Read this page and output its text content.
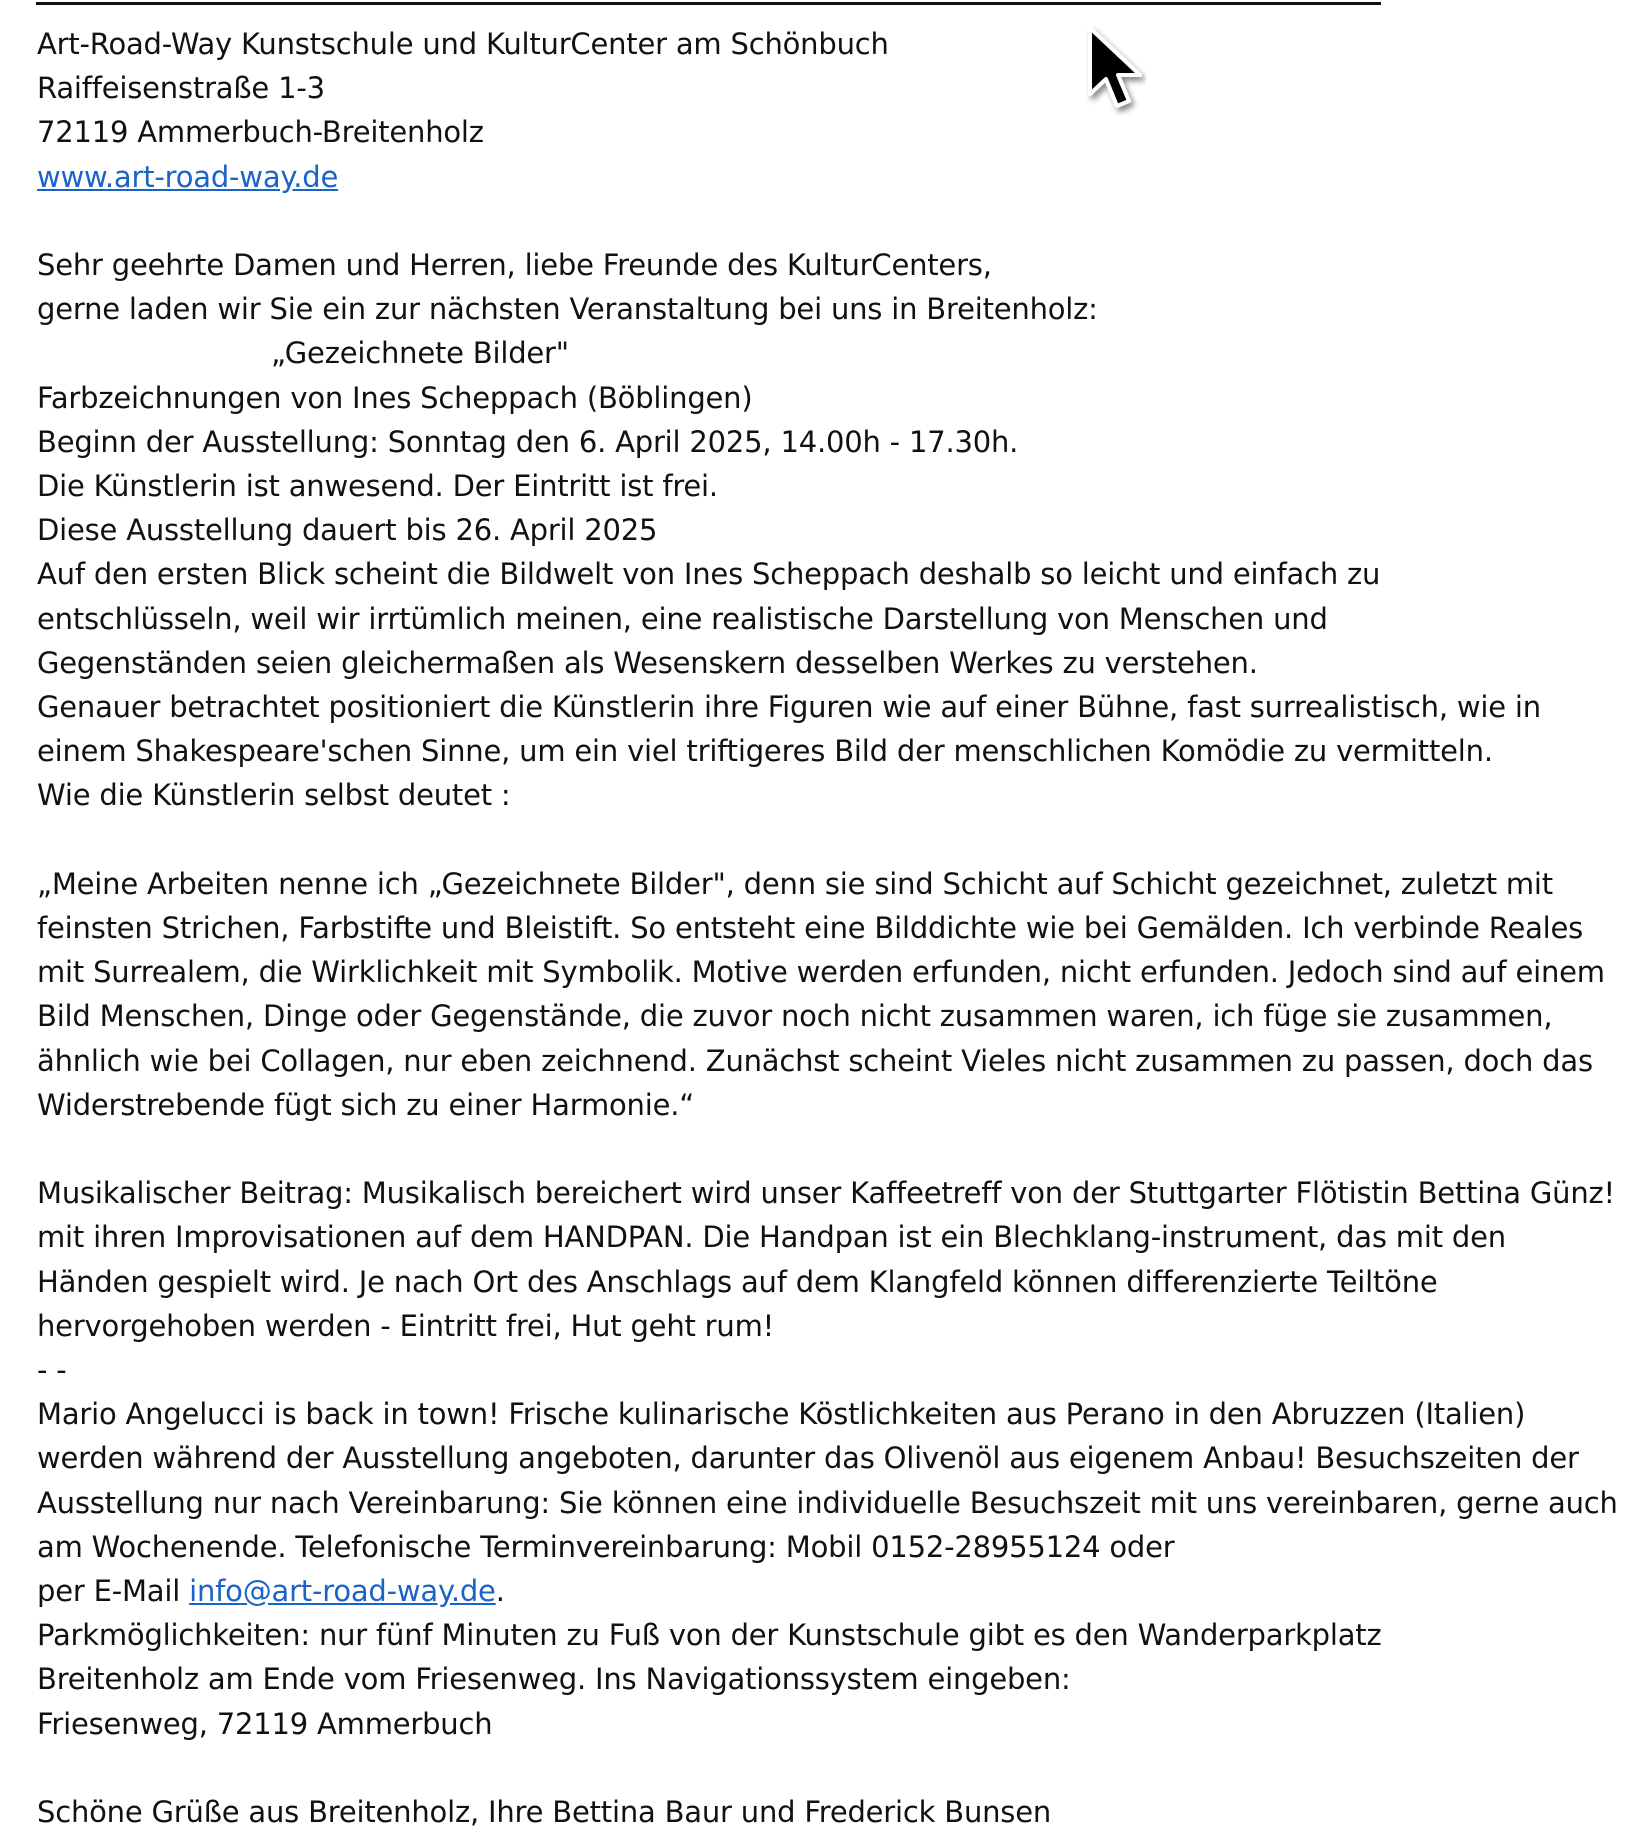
Art-Road-Way Kunstschule und KulturCenter am Schönbuch
Raiffeisenstraße 1-3
72119 Ammerbuch-Breitenholz
www.art-road-way.de
Sehr geehrte Damen und Herren, liebe Freunde des KulturCenters,
gerne laden wir Sie ein zur nächsten Veranstaltung bei uns in Breitenholz:
„Gezeichnete Bilder"
Farbzeichnungen von Ines Scheppach (Böblingen)
Beginn der Ausstellung: Sonntag den 6. April 2025, 14.00h - 17.30h.
Die Künstlerin ist anwesend. Der Eintritt ist frei.
Diese Ausstellung dauert bis 26. April 2025
Auf den ersten Blick scheint die Bildwelt von Ines Scheppach deshalb so leicht und einfach zu
entschlüsseln, weil wir irrtümlich meinen, eine realistische Darstellung von Menschen und
Gegenständen seien gleichermaßen als Wesenskern desselben Werkes zu verstehen.
Genauer betrachtet positioniert die Künstlerin ihre Figuren wie auf einer Bühne, fast surrealistisch, wie in
einem Shakespeare'schen Sinne, um ein viel triftigeres Bild der menschlichen Komödie zu vermitteln.
Wie die Künstlerin selbst deutet :
„Meine Arbeiten nenne ich „Gezeichnete Bilder", denn sie sind Schicht auf Schicht gezeichnet, zuletzt mit
feinsten Strichen, Farbstifte und Bleistift. So entsteht eine Bilddichte wie bei Gemälden. Ich verbinde Reales
mit Surrealem, die Wirklichkeit mit Symbolik. Motive werden erfunden, nicht erfunden. Jedoch sind auf einem
Bild Menschen, Dinge oder Gegenstände, die zuvor noch nicht zusammen waren, ich füge sie zusammen,
ähnlich wie bei Collagen, nur eben zeichnend. Zunächst scheint Vieles nicht zusammen zu passen, doch das
Widerstrebende fügt sich zu einer Harmonie.“
Musikalischer Beitrag: Musikalisch bereichert wird unser Kaffeetreff von der Stuttgarter Flötistin Bettina Günz!
mit ihren Improvisationen auf dem HANDPAN. Die Handpan ist ein Blechklang-instrument, das mit den
Händen gespielt wird. Je nach Ort des Anschlags auf dem Klangfeld können differenzierte Teiltöne
hervorgehoben werden - Eintritt frei, Hut geht rum!
- -
Mario Angelucci is back in town! Frische kulinarische Köstlichkeiten aus Perano in den Abruzzen (Italien)
werden während der Ausstellung angeboten, darunter das Olivenöl aus eigenem Anbau! Besuchszeiten der
Ausstellung nur nach Vereinbarung: Sie können eine individuelle Besuchszeit mit uns vereinbaren, gerne auch
am Wochenende. Telefonische Terminvereinbarung: Mobil 0152-28955124 oder
per E-Mail info@art-road-way.de.
Parkmöglichkeiten: nur fünf Minuten zu Fuß von der Kunstschule gibt es den Wanderparkplatz
Breitenholz am Ende vom Friesenweg. Ins Navigationssystem eingeben:
Friesenweg, 72119 Ammerbuch
Schöne Grüße aus Breitenholz, Ihre Bettina Baur und Frederick Bunsen
